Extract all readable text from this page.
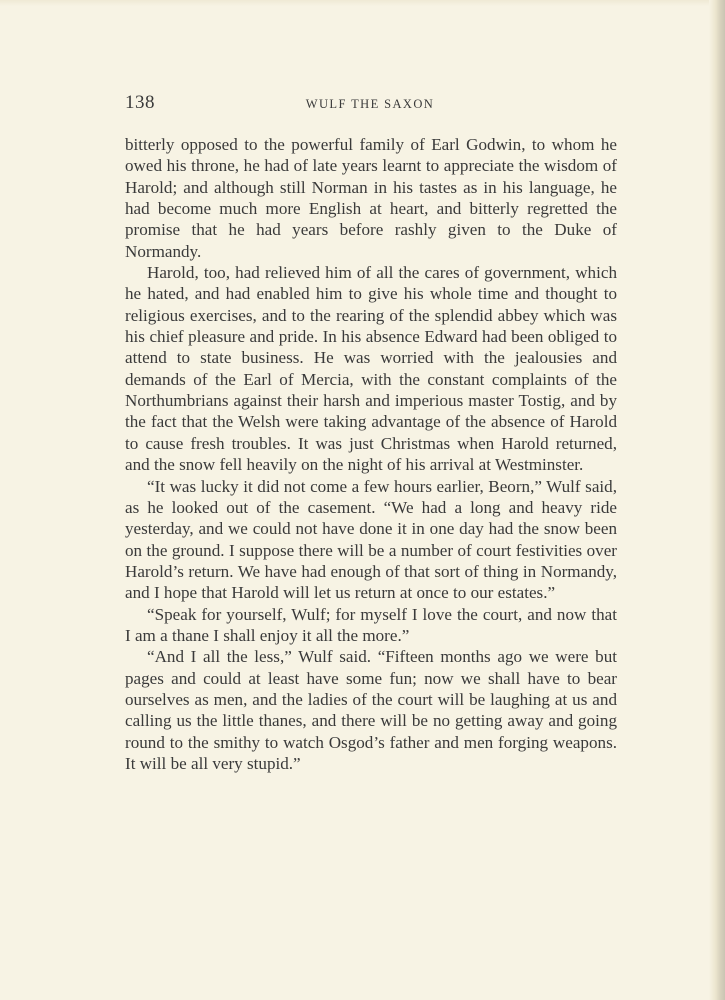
138	WULF THE SAXON

bitterly opposed to the powerful family of Earl Godwin, to whom he owed his throne, he had of late years learnt to appreciate the wisdom of Harold; and although still Norman in his tastes as in his language, he had become much more English at heart, and bitterly regretted the promise that he had years before rashly given to the Duke of Normandy.

Harold, too, had relieved him of all the cares of government, which he hated, and had enabled him to give his whole time and thought to religious exercises, and to the rearing of the splendid abbey which was his chief pleasure and pride. In his absence Edward had been obliged to attend to state business. He was worried with the jealousies and demands of the Earl of Mercia, with the constant complaints of the Northumbrians against their harsh and imperious master Tostig, and by the fact that the Welsh were taking advantage of the absence of Harold to cause fresh troubles. It was just Christmas when Harold returned, and the snow fell heavily on the night of his arrival at Westminster.

“It was lucky it did not come a few hours earlier, Beorn,” Wulf said, as he looked out of the casement. “We had a long and heavy ride yesterday, and we could not have done it in one day had the snow been on the ground. I suppose there will be a number of court festivities over Harold’s return. We have had enough of that sort of thing in Normandy, and I hope that Harold will let us return at once to our estates.”

“Speak for yourself, Wulf; for myself I love the court, and now that I am a thane I shall enjoy it all the more.”

“And I all the less,” Wulf said. “Fifteen months ago we were but pages and could at least have some fun; now we shall have to bear ourselves as men, and the ladies of the court will be laughing at us and calling us the little thanes, and there will be no getting away and going round to the smithy to watch Osgod’s father and men forging weapons. It will be all very stupid.”
